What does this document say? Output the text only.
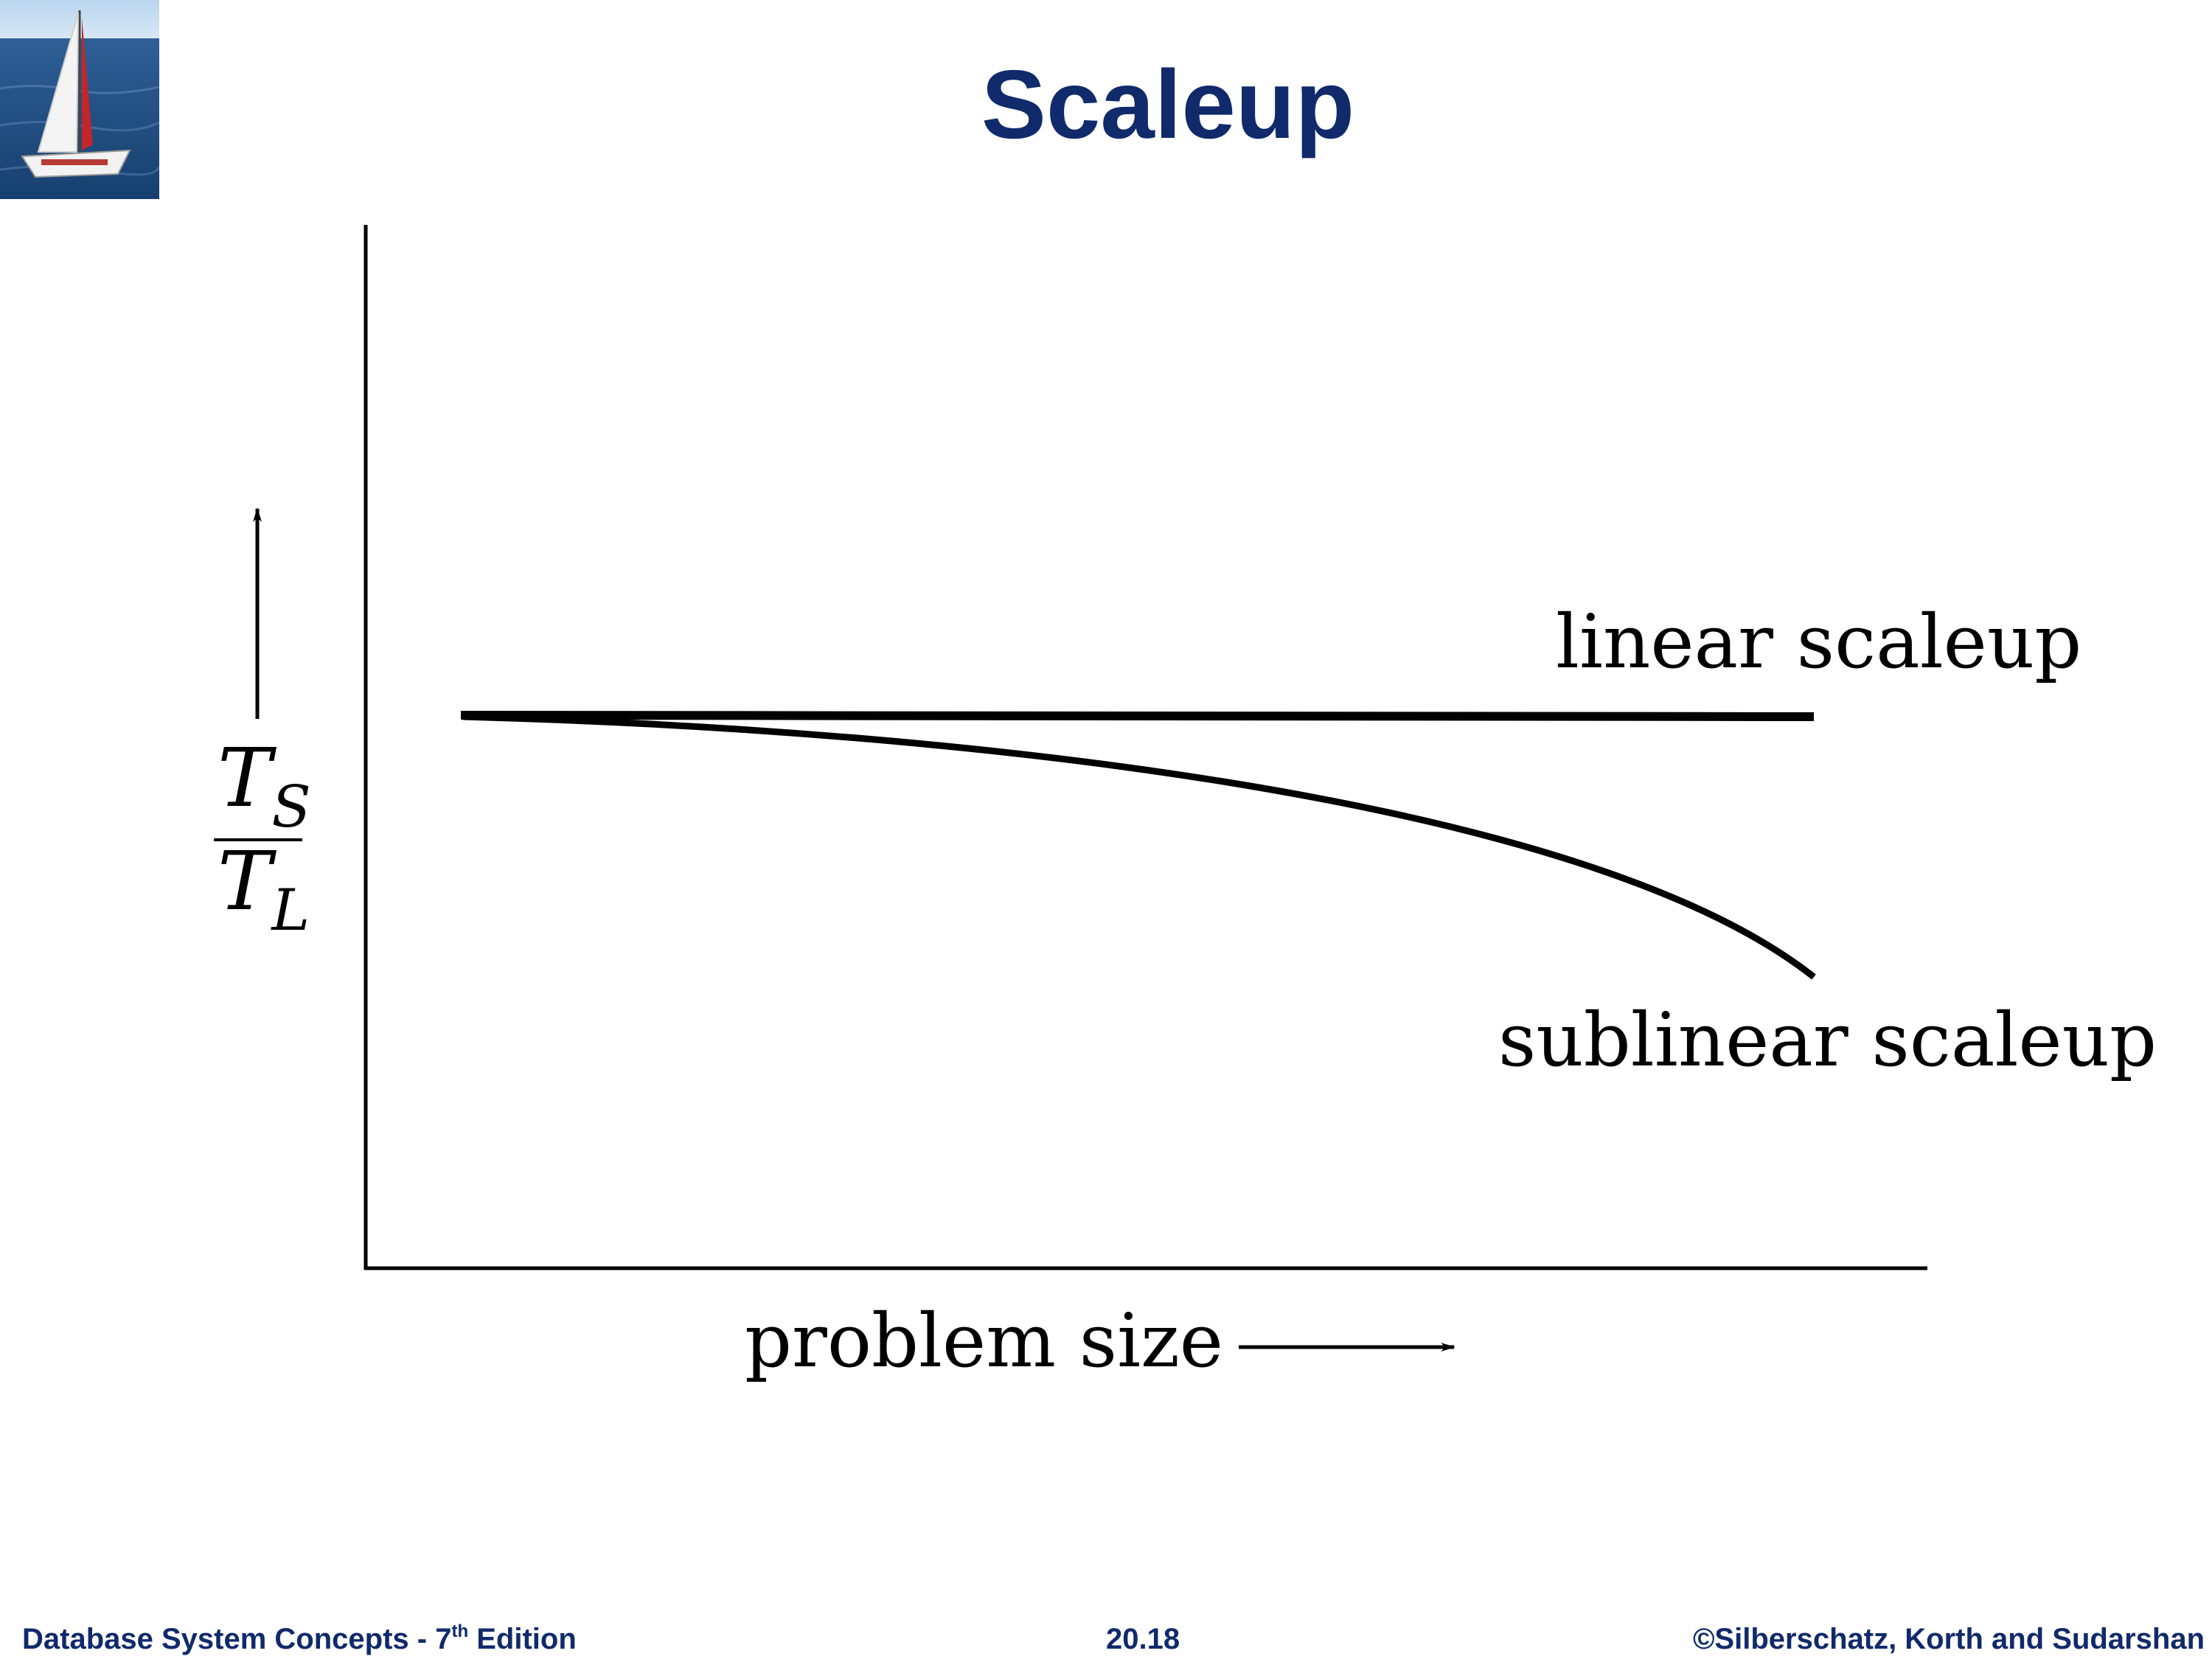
Scaleup
$T_S$
$T_L$
linear scaleup
sublinear scaleup
problem size
Database System Concepts - 7th Edition	20.18	©Silberschatz, Korth and Sudarshan
